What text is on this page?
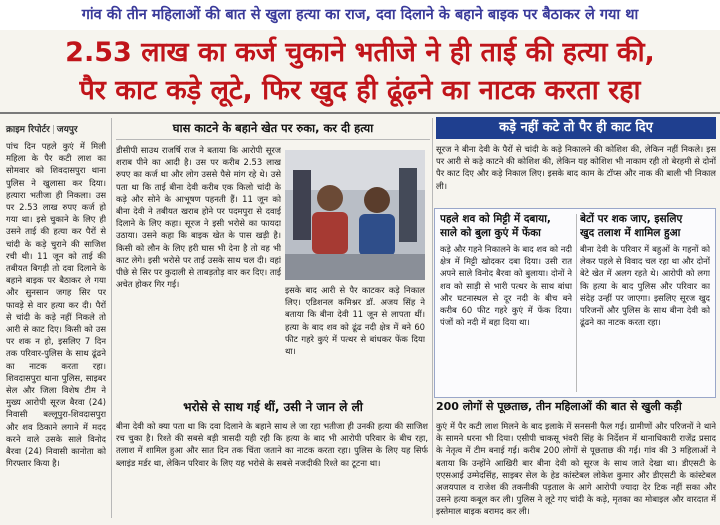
गांव की तीन महिलाओं की बात से खुला हत्या का राज, दवा दिलाने के बहाने बाइक पर बैठाकर ले गया था
2.53 लाख का कर्ज चुकाने भतीजे ने ही ताई की हत्या की,
पैर काट कड़े लूटे, फिर खुद ही ढूंढ़ने का नाटक करता रहा
क्राइम रिपोर्टर | जयपुर

पांच दिन पहले कुएं में मिली महिला के पैर कटी लाश का सोमवार को शिवदासपुरा थाना पुलिस ने खुलासा कर दिया। हत्यारा भतीजा ही निकला। उस पर 2.53 लाख रुपए कर्ज हो गया था। इसे चुकाने के लिए ही उसने ताई की हत्या कर पैरों से चांदी के कड़े चुराने की साजिश रची थी। 11 जून को ताई की तबीयत बिगड़ी तो दवा दिलाने के बहाने बाइक पर बैठाकर ले गया और सुनसान जगह सिर पर फावड़े से वार हत्या कर दी। पैरों से चांदी के कड़े नहीं निकले तो आरी से काट दिए। किसी को उस पर शक न हो, इसलिए 7 दिन तक परिवार-पुलिस के साथ ढूंढने का नाटक करता रहा। शिवदासपुरा थाना पुलिस, साइबर सेल और जिला विशेष टीम ने मुख्य आरोपी सूरज बैरवा (24) निवासी बल्लूपुरा-शिवदासपुरा और शव ठिकाने लगाने में मदद करने वाले उसके साले विनोद बैरवा (24) निवासी कानोता को गिरफ्तार किया है।

घास काटने के बहाने खेत पर रुका, कर दी हत्या

डीसीपी साउथ राजर्षि राज ने बताया कि आरोपी सूरज शराब पीने का आदी है। उस पर करीब 2.53 लाख रुपए का कर्ज था और लोग उससे पैसे मांग रहे थे। उसे पता था कि ताई बीना देवी करीब एक किलो चांदी के कड़े और सोने के आभूषण पहनती हैं। 11 जून को बीना देवी ने तबीयत खराब होने पर पदमपुरा से दवाई दिलाने के लिए कहा। सूरज ने इसी भरोसे का फायदा उठाया। उसने कहा कि बाइक खेत के पास खड़ी है। किसी को लौन के लिए हरी घास भी देना है तो वह भी काट लेगे। इसी भरोसे पर ताई उसके साथ चल दी। वहां पीछे से सिर पर कुदाली से ताबड़तोड़ वार कर दिए। ताई अचेत होकर गिर गई।

इसके बाद आरी से पैर काटकर कड़े निकाल लिए। एडिशनल कमिश्नर डॉ. अजय सिंह ने बताया कि बीना देवी 11 जून से लापता थीं। हत्या के बाद शव को ढूंढ नदी क्षेत्र में बने 60 फीट गहरे कुएं में पत्थर से बांधकर फेंक दिया था।

भरोसे से साथ गई थीं, उसी ने जान ले ली

बीना देवी को क्या पता था कि दवा दिलाने के बहाने साथ ले जा रहा भतीजा ही उनकी हत्या की साजिश रच चुका है। रिश्ते की सबसे बड़ी त्रासदी यही रही कि हत्या के बाद भी आरोपी परिवार के बीच रहा, तलाश में शामिल हुआ और सात दिन तक चिंता जताने का नाटक करता रहा। पुलिस के लिए यह सिर्फ ब्लाइंड मर्डर था, लेकिन परिवार के लिए यह भरोसे के सबसे नजदीकी रिश्ते का टूटना था।

कड़े नहीं कटे तो पैर ही काट दिए

सूरज ने बीना देवी के पैरों से चांदी के कड़े निकालने की कोशिश की, लेकिन नहीं निकले। इस पर आरी से कड़े काटने की कोशिश की, लेकिन यह कोशिश भी नाकाम रही तो बेरहमी से दोनों पैर काट दिए और कड़े निकाल लिए। इसके बाद काम के टॉप्स और नाक की बाली भी निकाल ली।

पहले शव को मिट्टी में दबाया,
साले को बुला कुएं में फेंका

कड़े और गहने निकालने के बाद शव को नदी क्षेत्र में मिट्टी खोदकर दबा दिया। उसी रात अपने साले विनोद बैरवा को बुलाया। दोनों ने शव को साड़ी से भारी पत्थर के साथ बांधा और घटनास्थल से दूर नदी के बीच बने करीब 60 फीट गहरे कुएं में फेंक दिया। पंजों को नदी में बहा दिया था।

बेटों पर शक जाए, इसलिए
खुद तलाश में शामिल हुआ

बीना देवी के परिवार में बहुओं के गहनों को लेकर पहले से विवाद चल रहा था और दोनों बेटे खेत में अलग रहते थे। आरोपी को लगा कि हत्या के बाद पुलिस और परिवार का संदेह उन्हीं पर जाएगा। इसलिए सूरज खुद परिजनों और पुलिस के साथ बीना देवी को ढूंढने का नाटक करता रहा।

200 लोगों से पूछताछ, तीन महिलाओं की बात से खुली कड़ी

कुएं में पैर कटी लाश मिलने के बाद इलाके में सनसनी फैल गई। ग्रामीणों और परिजनों ने थाने के सामने धरना भी दिया। एसीपी चाकसू भंवरी सिंह के निर्देशन में थानाधिकारी राजेंद्र प्रसाद के नेतृत्व में टीम बनाई गई। करीब 200 लोगों से पूछताछ की गई। गांव की 3 महिलाओं ने बताया कि उन्होंने आखिरी बार बीना देवी को सूरज के साथ जाते देखा था। डीएसटी के एएसआई उम्मेदसिंह, साइबर सेल के हेड कांस्टेबल लोकेश कुमार और डीएसटी के कांस्टेबल अजयपाल व राजेश की तकनीकी पड़ताल के आगे आरोपी ज्यादा देर टिक नहीं सका और उसने हत्या कबूल कर ली। पुलिस ने लूटे गए चांदी के कड़े, मृतका का मोबाइल और वारदात में इस्तेमाल बाइक बरामद कर ली।
